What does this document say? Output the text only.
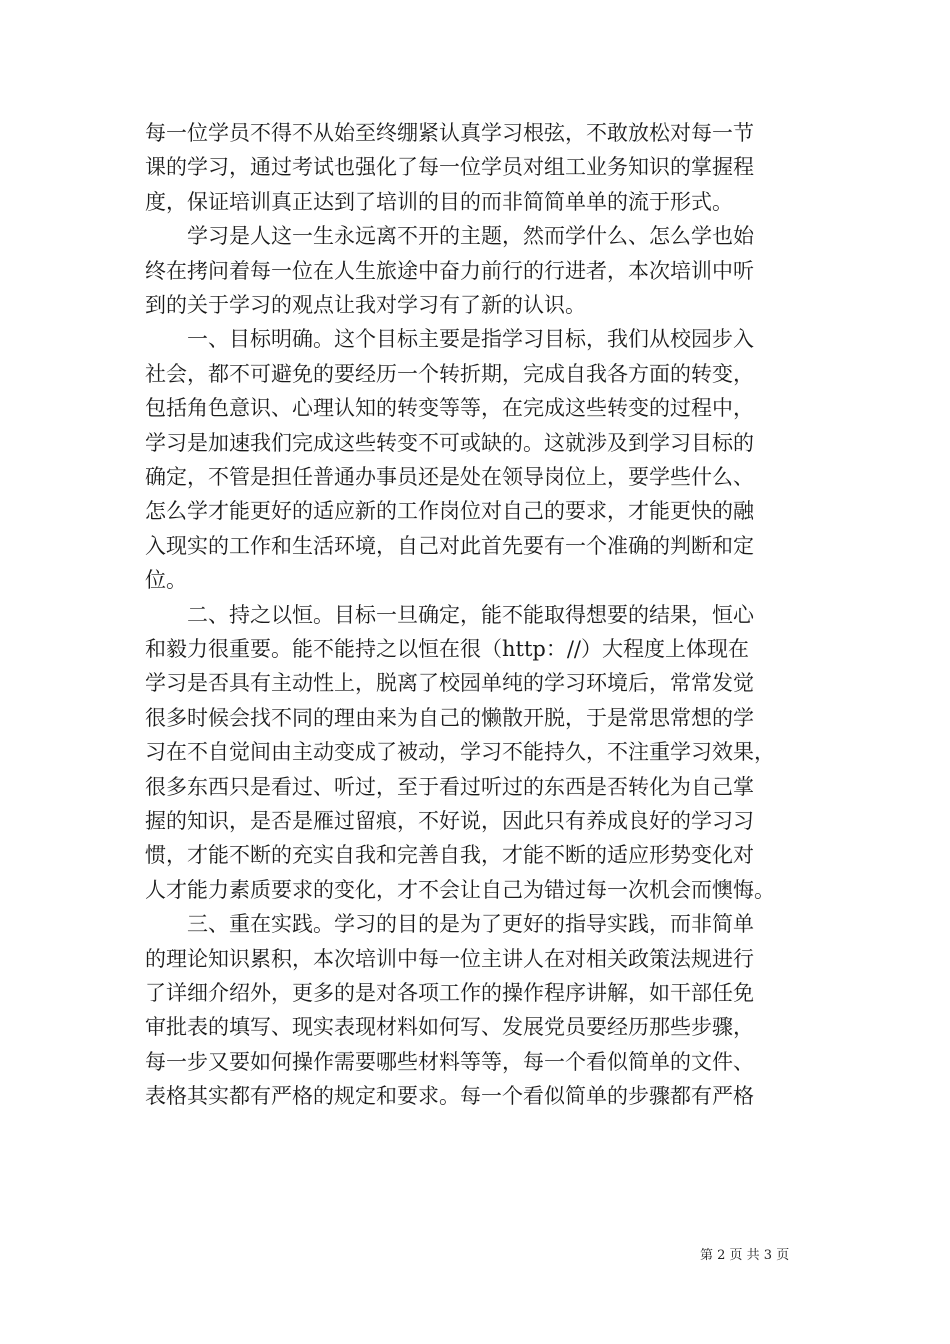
每一位学员不得不从始至终绷紧认真学习根弦，不敢放松对每一节
课的学习，通过考试也强化了每一位学员对组工业务知识的掌握程
度，保证培训真正达到了培训的目的而非简简单单的流于形式。
　　学习是人这一生永远离不开的主题，然而学什么、怎么学也始
终在拷问着每一位在人生旅途中奋力前行的行进者，本次培训中听
到的关于学习的观点让我对学习有了新的认识。
　　一、目标明确。这个目标主要是指学习目标，我们从校园步入
社会，都不可避免的要经历一个转折期，完成自我各方面的转变，
包括角色意识、心理认知的转变等等，在完成这些转变的过程中，
学习是加速我们完成这些转变不可或缺的。这就涉及到学习目标的
确定，不管是担任普通办事员还是处在领导岗位上，要学些什么、
怎么学才能更好的适应新的工作岗位对自己的要求，才能更快的融
入现实的工作和生活环境，自己对此首先要有一个准确的判断和定
位。
　　二、持之以恒。目标一旦确定，能不能取得想要的结果，恒心
和毅力很重要。能不能持之以恒在很（http：//）大程度上体现在
学习是否具有主动性上，脱离了校园单纯的学习环境后，常常发觉
很多时候会找不同的理由来为自己的懒散开脱，于是常思常想的学
习在不自觉间由主动变成了被动，学习不能持久，不注重学习效果，
很多东西只是看过、听过，至于看过听过的东西是否转化为自己掌
握的知识，是否是雁过留痕，不好说，因此只有养成良好的学习习
惯，才能不断的充实自我和完善自我，才能不断的适应形势变化对
人才能力素质要求的变化，才不会让自己为错过每一次机会而懊悔。
　　三、重在实践。学习的目的是为了更好的指导实践，而非简单
的理论知识累积，本次培训中每一位主讲人在对相关政策法规进行
了详细介绍外，更多的是对各项工作的操作程序讲解，如干部任免
审批表的填写、现实表现材料如何写、发展党员要经历那些步骤，
每一步又要如何操作需要哪些材料等等，每一个看似简单的文件、
表格其实都有严格的规定和要求。每一个看似简单的步骤都有严格
第 2 页 共 3 页
